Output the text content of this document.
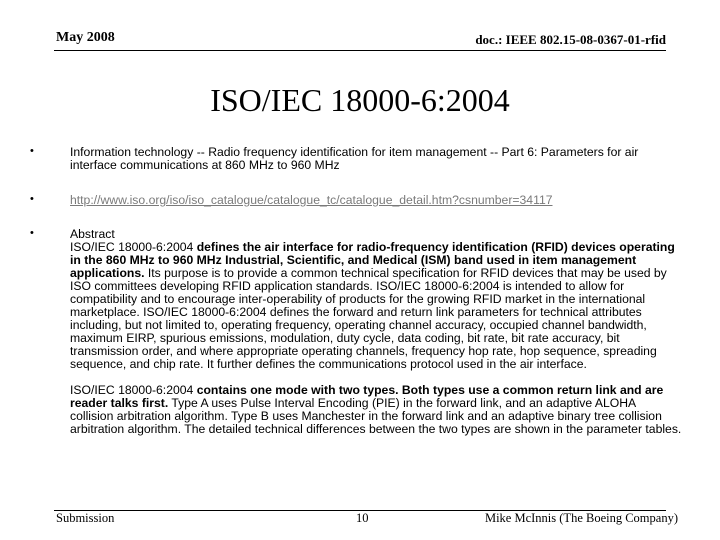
May 2008	doc.: IEEE 802.15-08-0367-01-rfid
ISO/IEC 18000-6:2004
•	Information technology -- Radio frequency identification for item management -- Part 6: Parameters for air interface communications at 860 MHz to 960 MHz
•	http://www.iso.org/iso/iso_catalogue/catalogue_tc/catalogue_detail.htm?csnumber=34117
•	Abstract
ISO/IEC 18000-6:2004 defines the air interface for radio-frequency identification (RFID) devices operating in the 860 MHz to 960 MHz Industrial, Scientific, and Medical (ISM) band used in item management applications. Its purpose is to provide a common technical specification for RFID devices that may be used by ISO committees developing RFID application standards. ISO/IEC 18000-6:2004 is intended to allow for compatibility and to encourage inter-operability of products for the growing RFID market in the international marketplace. ISO/IEC 18000-6:2004 defines the forward and return link parameters for technical attributes including, but not limited to, operating frequency, operating channel accuracy, occupied channel bandwidth, maximum EIRP, spurious emissions, modulation, duty cycle, data coding, bit rate, bit rate accuracy, bit transmission order, and where appropriate operating channels, frequency hop rate, hop sequence, spreading sequence, and chip rate. It further defines the communications protocol used in the air interface.
ISO/IEC 18000-6:2004 contains one mode with two types. Both types use a common return link and are reader talks first. Type A uses Pulse Interval Encoding (PIE) in the forward link, and an adaptive ALOHA collision arbitration algorithm. Type B uses Manchester in the forward link and an adaptive binary tree collision arbitration algorithm. The detailed technical differences between the two types are shown in the parameter tables.
Submission	10	Mike McInnis (The Boeing Company)
